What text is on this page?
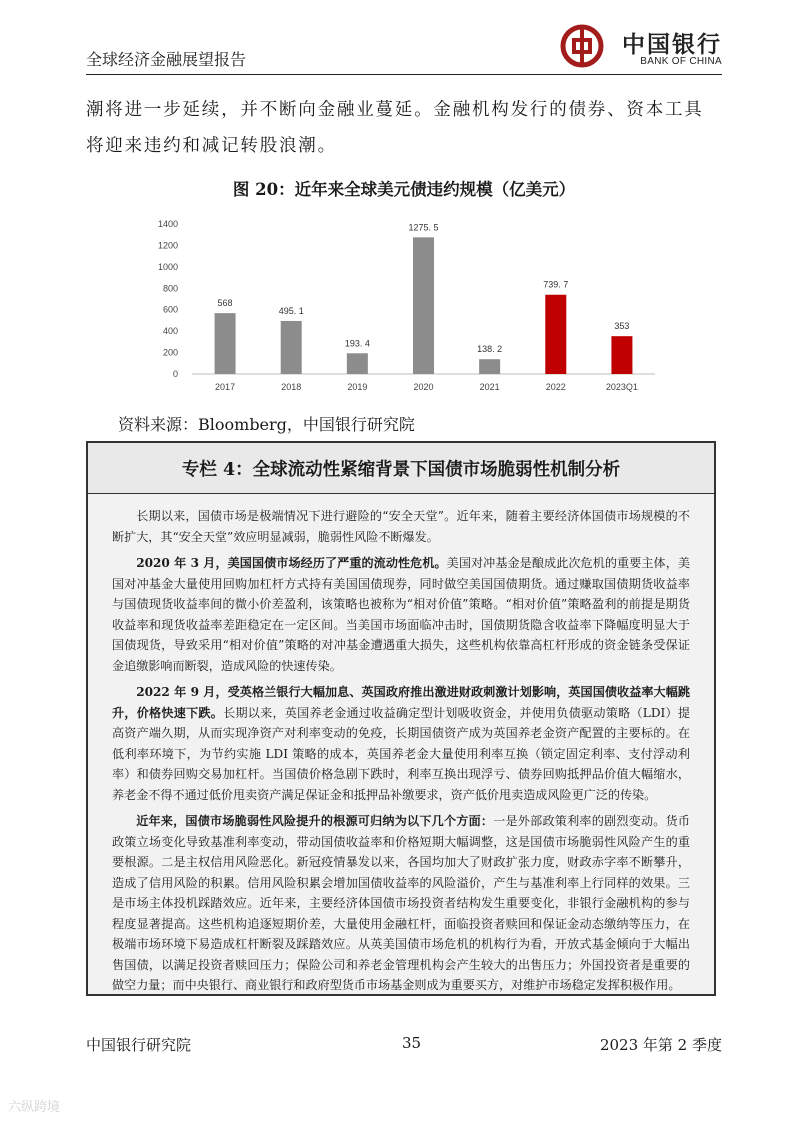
全球经济金融展望报告
中国银行
BANK OF CHINA
潮将进一步延续，并不断向金融业蔓延。金融机构发行的债券、资本工具将迎来违约和减记转股浪潮。
图 20：近年来全球美元债违约规模（亿美元）
0
200
400
600
800
1000
1200
1400
568
2017
495. 1
2018
193. 4
2019
1275. 5
2020
138. 2
2021
739. 7
2022
353
2023Q1
资料来源：Bloomberg，中国银行研究院
专栏 4：全球流动性紧缩背景下国债市场脆弱性机制分析

长期以来，国债市场是极端情况下进行避险的“安全天堂”。近年来，随着主要经济体国债市场规模的不断扩大，其“安全天堂”效应明显减弱，脆弱性风险不断爆发。

2020 年 3 月，美国国债市场经历了严重的流动性危机。美国对冲基金是酿成此次危机的重要主体，美国对冲基金大量使用回购加杠杆方式持有美国国债现券，同时做空美国国债期货。通过赚取国债期货收益率与国债现货收益率间的微小价差盈利，该策略也被称为“相对价值”策略。“相对价值”策略盈利的前提是期货收益率和现货收益率差距稳定在一定区间。当美国市场面临冲击时，国债期货隐含收益率下降幅度明显大于国债现货，导致采用“相对价值”策略的对冲基金遭遇重大损失，这些机构依靠高杠杆形成的资金链条受保证金追缴影响而断裂，造成风险的快速传染。

2022 年 9 月，受英格兰银行大幅加息、英国政府推出激进财政刺激计划影响，英国国债收益率大幅跳升，价格快速下跌。长期以来，英国养老金通过收益确定型计划吸收资金，并使用负债驱动策略（LDI）提高资产端久期，从而实现净资产对利率变动的免疫，长期国债资产成为英国养老金资产配置的主要标的。在低利率环境下，为节约实施 LDI 策略的成本，英国养老金大量使用利率互换（锁定固定利率、支付浮动利率）和债券回购交易加杠杆。当国债价格急剧下跌时，利率互换出现浮亏、债券回购抵押品价值大幅缩水，养老金不得不通过低价甩卖资产满足保证金和抵押品补缴要求，资产低价甩卖造成风险更广泛的传染。

近年来，国债市场脆弱性风险提升的根源可归纳为以下几个方面：一是外部政策利率的剧烈变动。货币政策立场变化导致基准利率变动，带动国债收益率和价格短期大幅调整，这是国债市场脆弱性风险产生的重要根源。二是主权信用风险恶化。新冠疫情暴发以来，各国均加大了财政扩张力度，财政赤字率不断攀升，造成了信用风险的积累。信用风险积累会增加国债收益率的风险溢价，产生与基准利率上行同样的效果。三是市场主体投机踩踏效应。近年来，主要经济体国债市场投资者结构发生重要变化，非银行金融机构的参与程度显著提高。这些机构追逐短期价差，大量使用金融杠杆，面临投资者赎回和保证金动态缴纳等压力，在极端市场环境下易造成杠杆断裂及踩踏效应。从英美国债市场危机的机构行为看，开放式基金倾向于大幅出售国债，以满足投资者赎回压力；保险公司和养老金管理机构会产生较大的出售压力；外国投资者是重要的做空力量；而中央银行、商业银行和政府型货币市场基金则成为重要买方，对维护市场稳定发挥积极作用。

中国银行研究院	35	2023 年第 2 季度
六纵跨境
